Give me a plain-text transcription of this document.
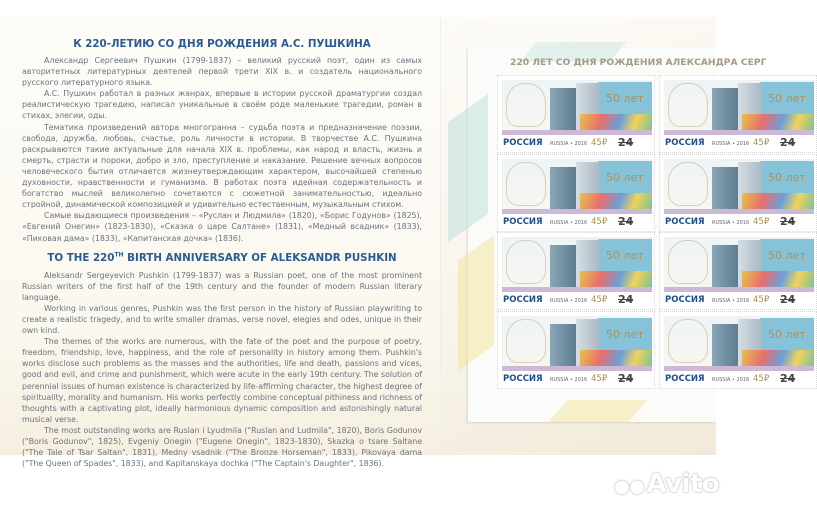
К 220-ЛЕТИЮ СО ДНЯ РОЖДЕНИЯ А.С. ПУШКИНА

Александр Сергеевич Пушкин (1799-1837) – великий русский поэт, один из самых авторитетных литературных деятелей первой трети XIX в. и создатель национального русского литературного языка.

А.С. Пушкин работал в разных жанрах, впервые в истории русской драматургии создал реалистическую трагедию, написал уникальные в своём роде маленькие трагедии, роман в стихах, элегии, оды.

Тематика произведений автора многогранна – судьба поэта и предназначение поэзии, свобода, дружба, любовь, счастье, роль личности в истории. В творчестве А.С. Пушкина раскрываются такие актуальные для начала XIX в. проблемы, как народ и власть, жизнь и смерть, страсти и пороки, добро и зло, преступление и наказание. Решение вечных вопросов человеческого бытия отличается жизнеутверждающим характером, высочайшей степенью духовности, нравственности и гуманизма. В работах поэта идейная содержательность и богатство мыслей великолепно сочетаются с сюжетной занимательностью, идеально стройной, динамической композицией и удивительно естественным, музыкальным стихом.

Самые выдающиеся произведения – «Руслан и Людмила» (1820), «Борис Годунов» (1825), «Евгений Онегин» (1823-1830), «Сказка о царе Салтане» (1831), «Медный всадник» (1833), «Пиковая дама» (1833), «Капитанская дочка» (1836).

TO THE 220TH BIRTH ANNIVERSARY OF ALEKSANDR PUSHKIN

Aleksandr Sergeyevich Pushkin (1799-1837) was a Russian poet, one of the most prominent Russian writers of the first half of the 19th century and the founder of modern Russian literary language.

Working in various genres, Pushkin was the first person in the history of Russian playwriting to create a realistic tragedy, and to write smaller dramas, verse novel, elegies and odes, unique in their own kind.

The themes of the works are numerous, with the fate of the poet and the purpose of poetry, freedom, friendship, love, happiness, and the role of personality in history among them. Pushkin's works disclose such problems as the masses and the authorities, life and death, passions and vices, good and evil, and crime and punishment, which were acute in the early 19th century. The solution of perennial issues of human existence is characterized by life-affirming character, the highest degree of spirituality, morality and humanism. His works perfectly combine conceptual pithiness and richness of thoughts with a captivating plot, ideally harmonious dynamic composition and astonishingly natural musical verse.

The most outstanding works are Ruslan i Lyudmila ("Ruslan and Ludmila", 1820), Boris Godunov ("Boris Godunov", 1825), Evgeniy Onegin ("Eugene Onegin", 1823-1830), Skazka o tsare Saltane ("The Tale of Tsar Saltan", 1831), Medny vsadnik ("The Bronze Horseman", 1833), Pikovaya dama ("The Queen of Spades", 1833), and Kapitanskaya dochka ("The Captain's Daughter", 1836).

220 ЛЕТ СО ДНЯ РОЖДЕНИЯ АЛЕКСАНДРА СЕРГ
50 лет
РОССИЯ RUSSIA • 2016 45₽ 24
50 лет
РОССИЯ RUSSIA • 2016 45₽ 24
50 лет
РОССИЯ RUSSIA • 2016 45₽ 24
50 лет
РОССИЯ RUSSIA • 2016 45₽ 24
50 лет
РОССИЯ RUSSIA • 2016 45₽ 24
50 лет
РОССИЯ RUSSIA • 2016 45₽ 24
50 лет
РОССИЯ RUSSIA • 2016 45₽ 24
50 лет
РОССИЯ RUSSIA • 2016 45₽ 24
●●Avito
